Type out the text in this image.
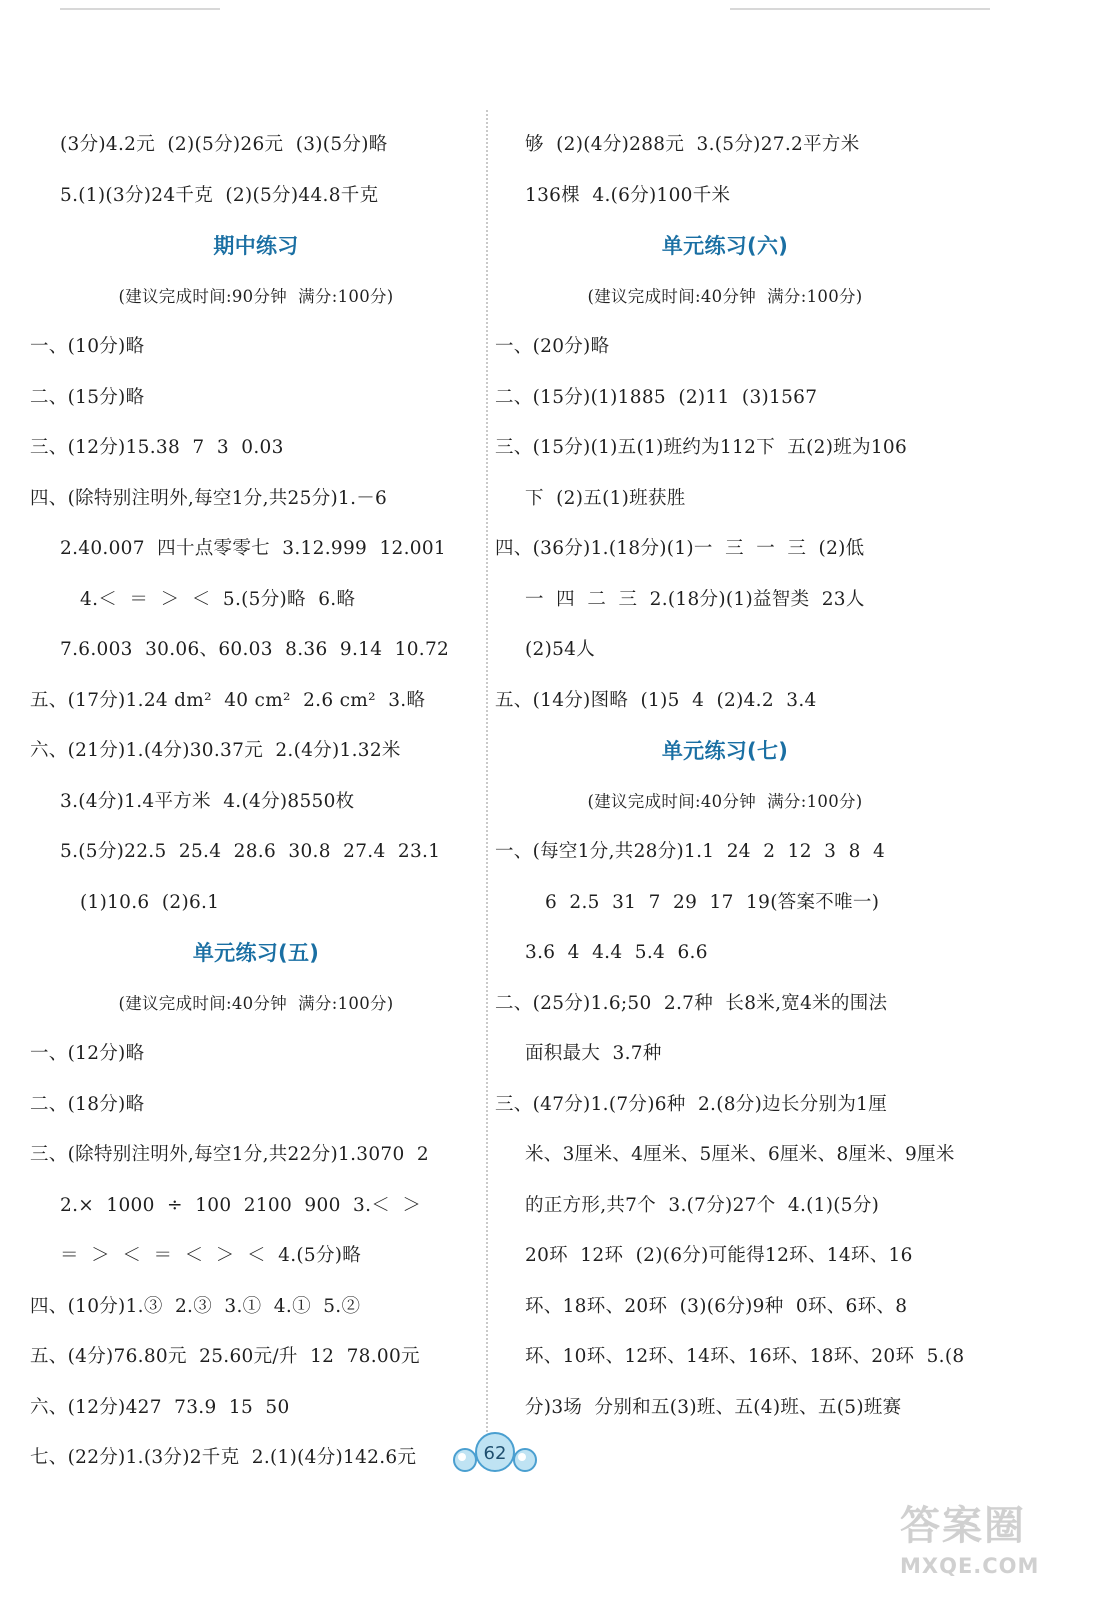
(3分)4.2元  (2)(5分)26元  (3)(5分)略
5.(1)(3分)24千克  (2)(5分)44.8千克
期中练习
(建议完成时间:90分钟  满分:100分)
一、(10分)略
二、(15分)略
三、(12分)15.38  7  3  0.03
四、(除特别注明外,每空1分,共25分)1.－6
2.40.007  四十点零零七  3.12.999  12.001
4.＜  ＝  ＞  ＜  5.(5分)略  6.略
7.6.003  30.06、60.03  8.36  9.14  10.72
五、(17分)1.24 dm²  40 cm²  2.6 cm²  3.略
六、(21分)1.(4分)30.37元  2.(4分)1.32米
3.(4分)1.4平方米  4.(4分)8550枚
5.(5分)22.5  25.4  28.6  30.8  27.4  23.1
(1)10.6  (2)6.1
单元练习(五)
(建议完成时间:40分钟  满分:100分)
一、(12分)略
二、(18分)略
三、(除特别注明外,每空1分,共22分)1.3070  2
2.×  1000  ÷  100  2100  900  3.＜  ＞
＝  ＞  ＜  ＝  ＜  ＞  ＜  4.(5分)略
四、(10分)1.③  2.③  3.①  4.①  5.②
五、(4分)76.80元  25.60元/升  12  78.00元
六、(12分)427  73.9  15  50
七、(22分)1.(3分)2千克  2.(1)(4分)142.6元
够  (2)(4分)288元  3.(5分)27.2平方米
136棵  4.(6分)100千米
单元练习(六)
(建议完成时间:40分钟  满分:100分)
一、(20分)略
二、(15分)(1)1885  (2)11  (3)1567
三、(15分)(1)五(1)班约为112下  五(2)班为106
下  (2)五(1)班获胜
四、(36分)1.(18分)(1)一  三  一  三  (2)低
一  四  二  三  2.(18分)(1)益智类  23人
(2)54人
五、(14分)图略  (1)5  4  (2)4.2  3.4
单元练习(七)
(建议完成时间:40分钟  满分:100分)
一、(每空1分,共28分)1.1  24  2  12  3  8  4
6  2.5  31  7  29  17  19(答案不唯一)
3.6  4  4.4  5.4  6.6
二、(25分)1.6;50  2.7种  长8米,宽4米的围法
面积最大  3.7种
三、(47分)1.(7分)6种  2.(8分)边长分别为1厘
米、3厘米、4厘米、5厘米、6厘米、8厘米、9厘米
的正方形,共7个  3.(7分)27个  4.(1)(5分)
20环  12环  (2)(6分)可能得12环、14环、16
环、18环、20环  (3)(6分)9种  0环、6环、8
环、10环、12环、14环、16环、18环、20环  5.(8
分)3场  分别和五(3)班、五(4)班、五(5)班赛
62
答案圈
MXQE.COM
